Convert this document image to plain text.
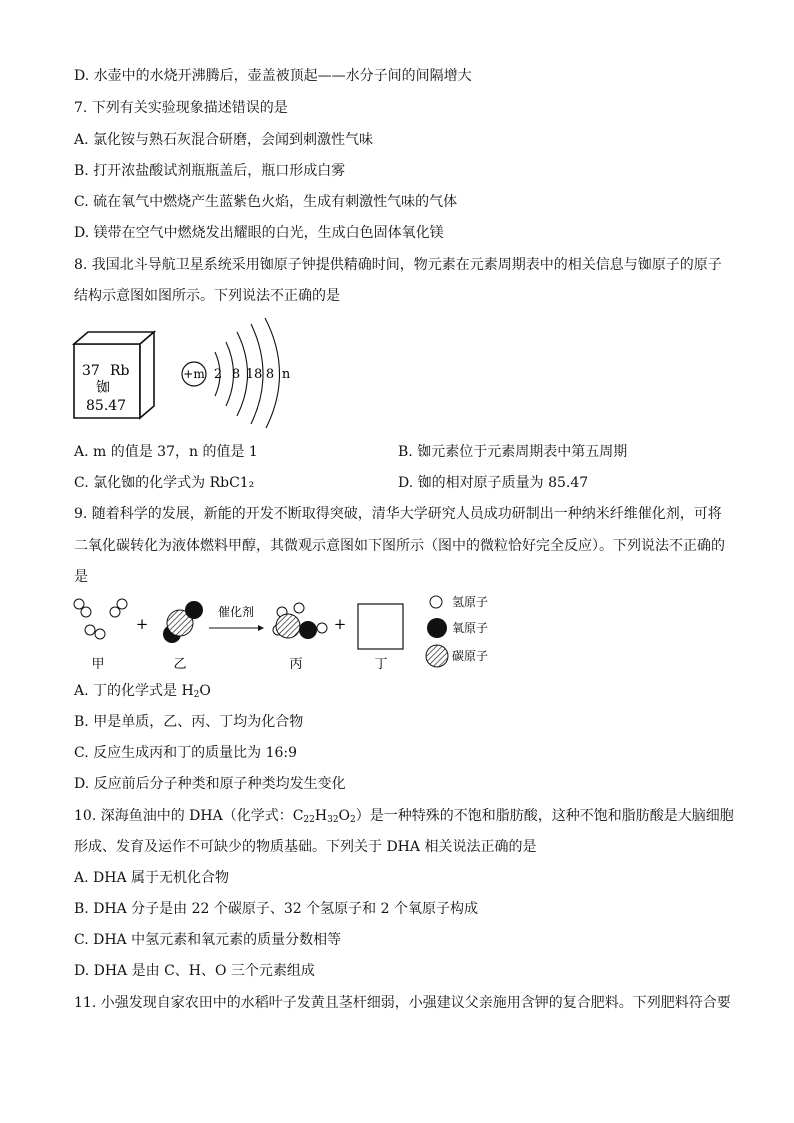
D. 水壶中的水烧开沸腾后，壶盖被顶起——水分子间的间隔增大
7. 下列有关实验现象描述错误的是
A. 氯化铵与熟石灰混合研磨，会闻到刺激性气味
B. 打开浓盐酸试剂瓶瓶盖后，瓶口形成白雾
C. 硫在氧气中燃烧产生蓝紫色火焰，生成有刺激性气味的气体
D. 镁带在空气中燃烧发出耀眼的白光，生成白色固体氧化镁
8. 我国北斗导航卫星系统采用铷原子钟提供精确时间，物元素在元素周期表中的相关信息与铷原子的原子
结构示意图如图所示。下列说法不正确的是
37 Rb
铷
85.47
+m 2 8 18 8 n
A. m 的值是 37，n 的值是 1	B. 铷元素位于元素周期表中第五周期
C. 氯化铷的化学式为 RbC1₂	D. 铷的相对原子质量为 85.47
9. 随着科学的发展，新能的开发不断取得突破，清华大学研究人员成功研制出一种纳米纤维催化剂，可将
二氧化碳转化为液体燃料甲醇，其微观示意图如下图所示（图中的微粒恰好完全反应）。下列说法不正确的
是
甲
+
乙
催化剂
丙
+
丁
氢原子
氧原子
碳原子
A. 丁的化学式是 $H_2O$
B. 甲是单质，乙、丙、丁均为化合物
C. 反应生成丙和丁的质量比为 16:9
D. 反应前后分子种类和原子种类均发生变化
10. 深海鱼油中的 DHA（化学式：$C_{22}H_{32}O_2$）是一种特殊的不饱和脂肪酸，这种不饱和脂肪酸是大脑细胞
形成、发育及运作不可缺少的物质基础。下列关于 DHA 相关说法正确的是
A. DHA 属于无机化合物
B. DHA 分子是由 22 个碳原子、32 个氢原子和 2 个氧原子构成
C. DHA 中氢元素和氧元素的质量分数相等
D. DHA 是由 C、H、O 三个元素组成
11. 小强发现自家农田中的水稻叶子发黄且茎杆细弱，小强建议父亲施用含钾的复合肥料。下列肥料符合要
